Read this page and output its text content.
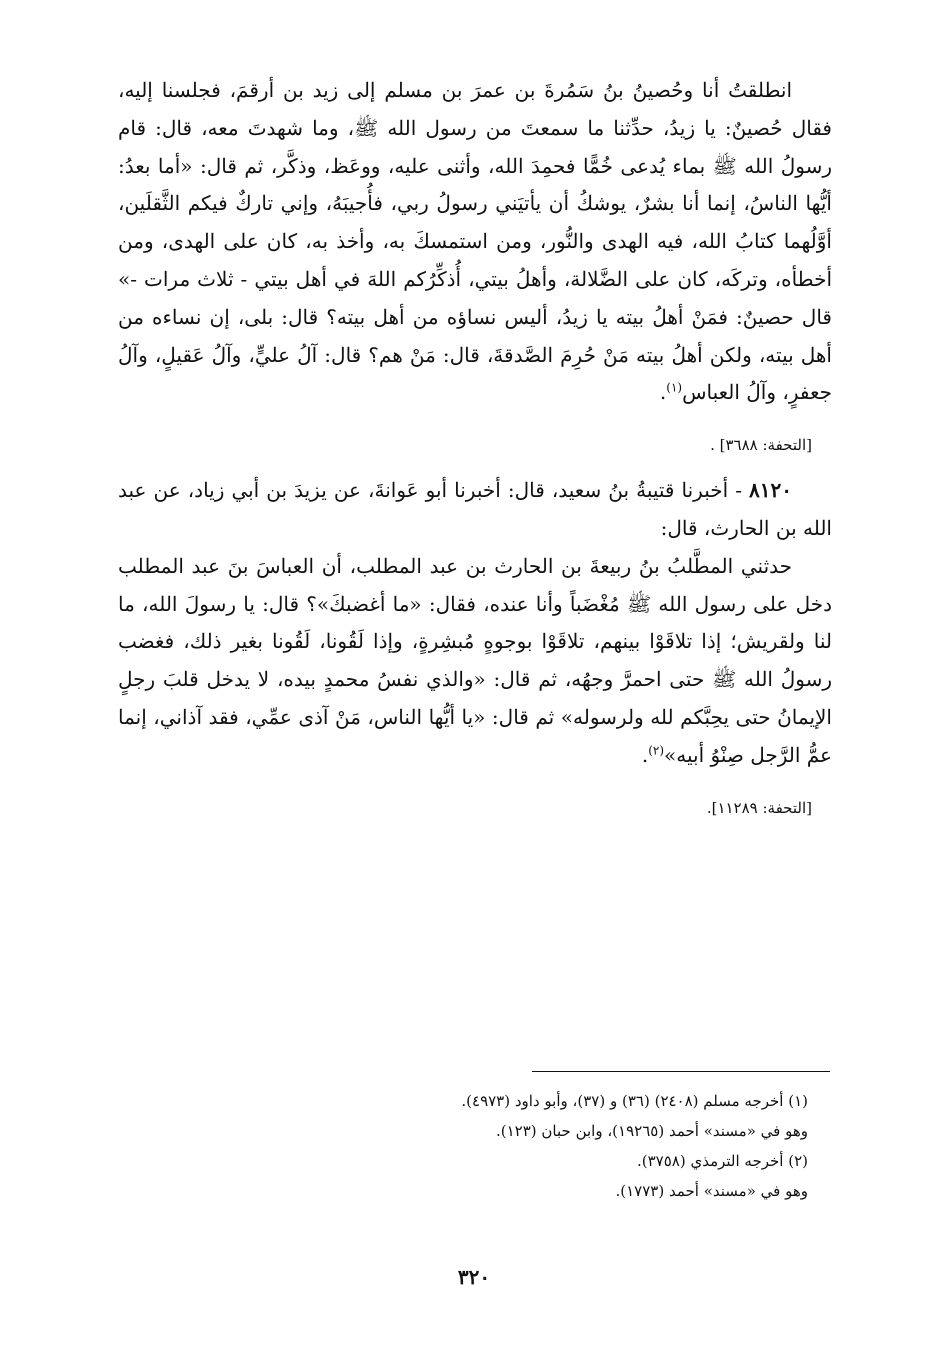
انطلقتُ أنا وحُصينُ بنُ سَمُرةَ بن عمرَ بن مسلم إلى زيد بن أرقمَ، فجلسنا إليه، فقال حُصينٌ: يا زيدُ، حدِّثنا ما سمعتَ من رسول الله ﷺ، وما شهدتَ معه، قال: قام رسولُ الله ﷺ بماء يُدعى خُمًّا فحمِدَ الله، وأثنى عليه، ووعَظ، وذكَّر، ثم قال: «أما بعدُ: أيُّها الناسُ، إنما أنا بشرٌ، يوشكُ أن يأتيَني رسولُ ربي، فأُجيبَهُ، وإني تاركٌ فيكم الثَّقلَين، أوَّلُهما كتابُ الله، فيه الهدى والنُّور، ومن استمسكَ به، وأخذ به، كان على الهدى، ومن أخطأه، وتركَه، كان على الضَّلالة، وأهلُ بيتي، أُذكِّرُكم اللهَ في أهل بيتي - ثلاث مرات -» قال حصينٌ: فمَنْ أهلُ بيته يا زيدُ، أليس نساؤه من أهل بيته؟ قال: بلى، إن نساءه من أهل بيته، ولكن أهلُ بيته مَنْ حُرِمَ الصَّدقةَ، قال: مَنْ هم؟ قال: آلُ عليٍّ، وآلُ عَقيلٍ، وآلُ جعفرٍ، وآلُ العباس$^{(١)}$.

[التحفة: ٣٦٨٨] .

٨١٢٠ - أخبرنا قتيبةُ بنُ سعيد، قال: أخبرنا أبو عَوانةَ، عن يزيدَ بن أبي زياد، عن عبد الله بن الحارث، قال:

حدثني المطَّلبُ بنُ ربيعةَ بن الحارث بن عبد المطلب، أن العباسَ بنَ عبد المطلب دخل على رسول الله ﷺ مُغْضَباً وأنا عنده، فقال: «ما أغضبكَ»؟ قال: يا رسولَ الله، ما لنا ولقريش؛ إذا تلاقَوْا بينهم، تلاقَوْا بوجوهٍ مُبشِرةٍ، وإذا لَقُونا، لَقُونا بغير ذلك، فغضب رسولُ الله ﷺ حتى احمرَّ وجهُه، ثم قال: «والذي نفسُ محمدٍ بيده، لا يدخل قلبَ رجلٍ الإيمانُ حتى يحِبَّكم لله ولرسوله» ثم قال: «يا أيُّها الناس، مَنْ آذى عمِّي، فقد آذاني، إنما عمُّ الرَّجل صِنْوُ أبيه»$^{(٢)}$.

[التحفة: ١١٢٨٩].

(١) أخرجه مسلم (٢٤٠٨) (٣٦) و (٣٧)، وأبو داود (٤٩٧٣).

وهو في «مسند» أحمد (١٩٢٦٥)، وابن حبان (١٢٣).

(٢) أخرجه الترمذي (٣٧٥٨).

وهو في «مسند» أحمد (١٧٧٣).

٣٢٠
